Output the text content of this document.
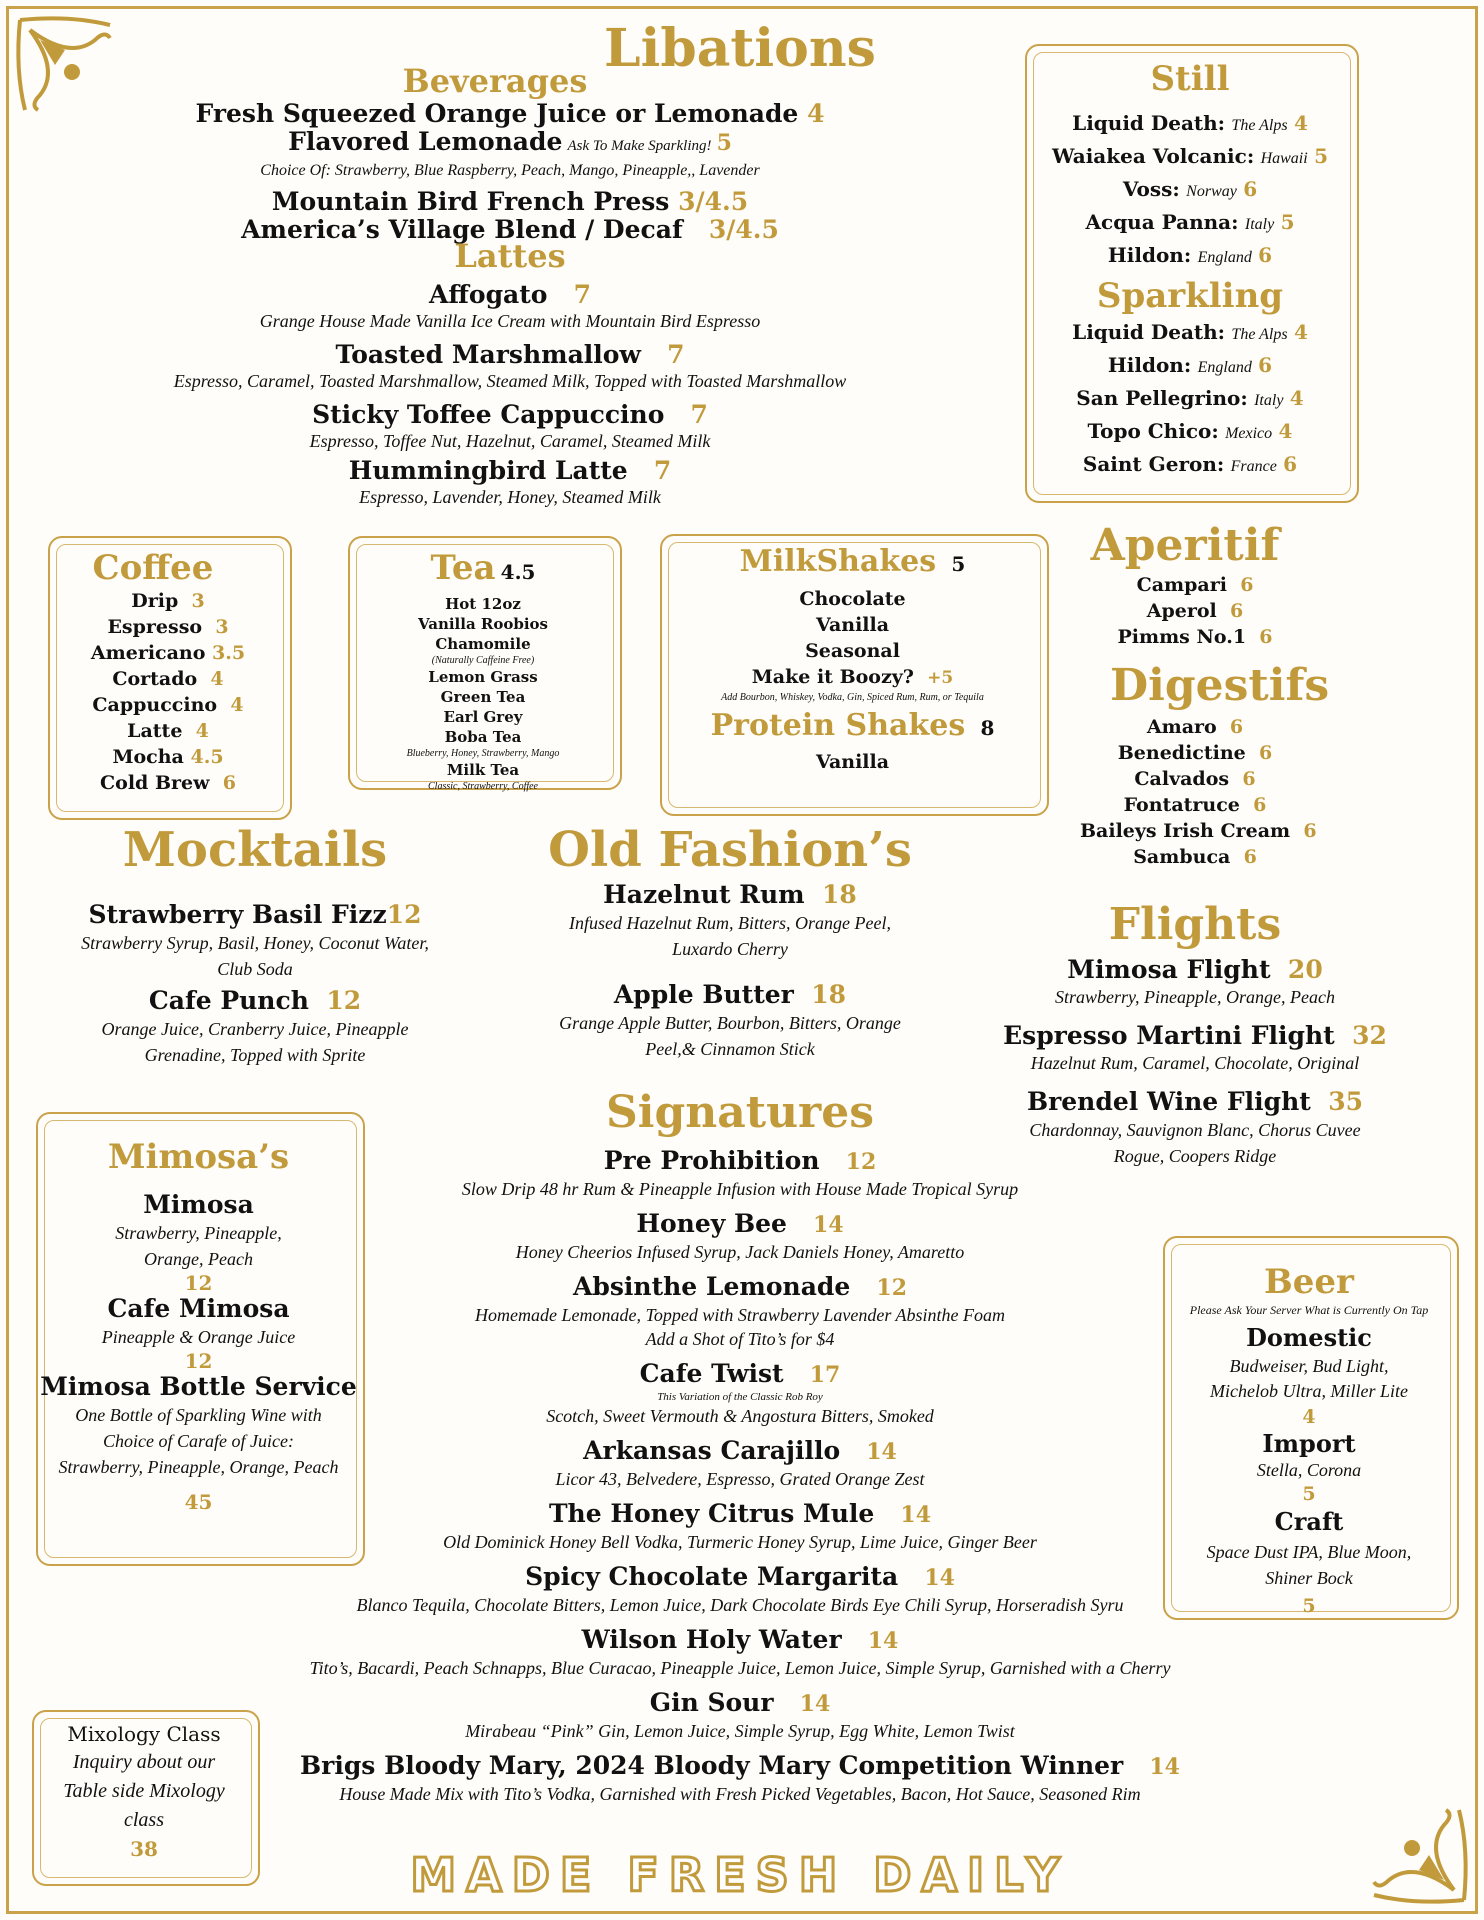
Libations
Beverages
Fresh Squeezed Orange Juice or Lemonade 4
Flavored Lemonade Ask To Make Sparkling! 5
Choice Of: Strawberry, Blue Raspberry, Peach, Mango, Pineapple,, Lavender
Mountain Bird French Press 3/4.5
America’s Village Blend / Decaf 3/4.5
Lattes
Affogato 7
Grange House Made Vanilla Ice Cream with Mountain Bird Espresso
Toasted Marshmallow 7
Espresso, Caramel, Toasted Marshmallow, Steamed Milk, Topped with Toasted Marshmallow
Sticky Toffee Cappuccino 7
Espresso, Toffee Nut, Hazelnut, Caramel, Steamed Milk
Hummingbird Latte 7
Espresso, Lavender, Honey, Steamed Milk
Still
Liquid Death: The Alps 4
Waiakea Volcanic: Hawaii 5
Voss: Norway 6
Acqua Panna: Italy 5
Hildon: England 6
Sparkling
Liquid Death: The Alps 4
Hildon: England 6
San Pellegrino: Italy 4
Topo Chico: Mexico 4
Saint Geron: France 6
Coffee
Drip 3
Espresso 3
Americano 3.5
Cortado 4
Cappuccino 4
Latte 4
Mocha 4.5
Cold Brew 6
Tea 4.5
Hot 12oz
Vanilla Roobios
Chamomile
(Naturally Caffeine Free)
Lemon Grass
Green Tea
Earl Grey
Boba Tea
Blueberry, Honey, Strawberry, Mango
Milk Tea
Classic, Strawberry, Coffee
MilkShakes 5
Chocolate
Vanilla
Seasonal
Make it Boozy? +5
Add Bourbon, Whiskey, Vodka, Gin, Spiced Rum, Rum, or Tequila
Protein Shakes 8
Vanilla
Aperitif
Campari 6
Aperol 6
Pimms No.1 6
Digestifs
Amaro 6
Benedictine 6
Calvados 6
Fontatruce 6
Baileys Irish Cream 6
Sambuca 6
Mocktails
Strawberry Basil Fizz12
Strawberry Syrup, Basil, Honey, Coconut Water,
Club Soda
Cafe Punch 12
Orange Juice, Cranberry Juice, Pineapple
Grenadine, Topped with Sprite
Old Fashion’s
Hazelnut Rum 18
Infused Hazelnut Rum, Bitters, Orange Peel,
Luxardo Cherry
Apple Butter 18
Grange Apple Butter, Bourbon, Bitters, Orange
Peel,& Cinnamon Stick
Flights
Mimosa Flight 20
Strawberry, Pineapple, Orange, Peach
Espresso Martini Flight 32
Hazelnut Rum, Caramel, Chocolate, Original
Brendel Wine Flight 35
Chardonnay, Sauvignon Blanc, Chorus Cuvee
Rogue, Coopers Ridge
Mimosa’s
Mimosa
Strawberry, Pineapple,
Orange, Peach
12
Cafe Mimosa
Pineapple & Orange Juice
12
Mimosa Bottle Service
One Bottle of Sparkling Wine with
Choice of Carafe of Juice:
Strawberry, Pineapple, Orange, Peach
45
Signatures
Pre Prohibition 12
Slow Drip 48 hr Rum & Pineapple Infusion with House Made Tropical Syrup
Honey Bee 14
Honey Cheerios Infused Syrup, Jack Daniels Honey, Amaretto
Absinthe Lemonade 12
Homemade Lemonade, Topped with Strawberry Lavender Absinthe Foam
Add a Shot of Tito’s for $4
Cafe Twist 17
This Variation of the Classic Rob Roy
Scotch, Sweet Vermouth & Angostura Bitters, Smoked
Arkansas Carajillo 14
Licor 43, Belvedere, Espresso, Grated Orange Zest
The Honey Citrus Mule 14
Old Dominick Honey Bell Vodka, Turmeric Honey Syrup, Lime Juice, Ginger Beer
Spicy Chocolate Margarita 14
Blanco Tequila, Chocolate Bitters, Lemon Juice, Dark Chocolate Birds Eye Chili Syrup, Horseradish Syru
Wilson Holy Water 14
Tito’s, Bacardi, Peach Schnapps, Blue Curacao, Pineapple Juice, Lemon Juice, Simple Syrup, Garnished with a Cherry
Gin Sour 14
Mirabeau “Pink” Gin, Lemon Juice, Simple Syrup, Egg White, Lemon Twist
Brigs Bloody Mary, 2024 Bloody Mary Competition Winner 14
House Made Mix with Tito’s Vodka, Garnished with Fresh Picked Vegetables, Bacon, Hot Sauce, Seasoned Rim
Beer
Please Ask Your Server What is Currently On Tap
Domestic
Budweiser, Bud Light,
Michelob Ultra, Miller Lite
4
Import
Stella, Corona
5
Craft
Space Dust IPA, Blue Moon,
Shiner Bock
5
Mixology Class
Inquiry about our
Table side Mixology
class
38	MADE FRESH DAILY
